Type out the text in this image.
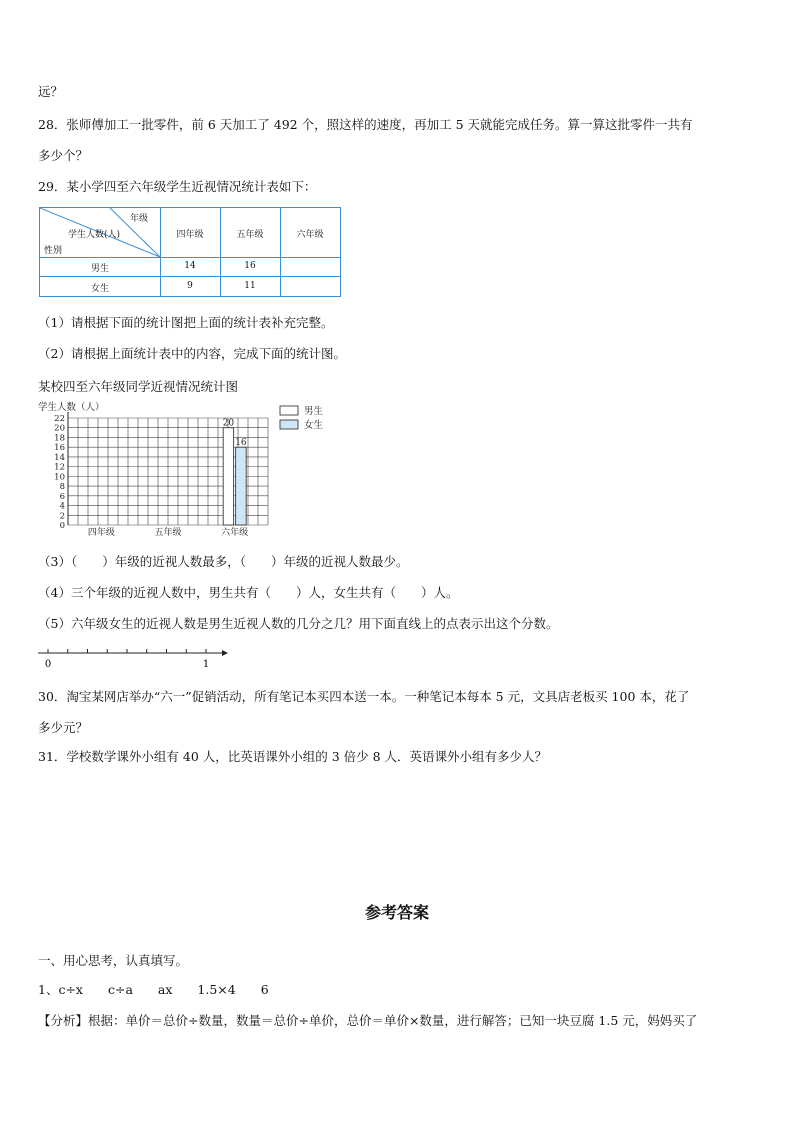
远？
28．张师傅加工一批零件，前 6 天加工了 492 个，照这样的速度，再加工 5 天就能完成任务。算一算这批零件一共有
多少个？
29．某小学四至六年级学生近视情况统计表如下：
年级
学生人数(人)
性别
四年级	五年级	六年级
男生	14	16
女生	9	11
（1）请根据下面的统计图把上面的统计表补充完整。
（2）请根据上面统计表中的内容，完成下面的统计图。
某校四至六年级同学近视情况统计图
学生人数（人）
0
2
4
6
8
10
12
14
16
18
20
22
四年级	五年级	六年级
20
16
男生
女生
（3）（　　）年级的近视人数最多，（　　）年级的近视人数最少。
（4）三个年级的近视人数中，男生共有（　　）人，女生共有（　　）人。
（5）六年级女生的近视人数是男生近视人数的几分之几？用下面直线上的点表示出这个分数。
0	1
30．淘宝某网店举办“六一”促销活动，所有笔记本买四本送一本。一种笔记本每本 5 元，文具店老板买 100 本，花了
多少元？
31．学校数学课外小组有 40 人，比英语课外小组的 3 倍少 8 人．英语课外小组有多少人？
参考答案
一、用心思考，认真填写。
1、c÷x　　c÷a　　ax　　1.5×4　　6
【分析】根据：单价＝总价÷数量，数量＝总价÷单价，总价＝单价×数量，进行解答；已知一块豆腐 1.5 元，妈妈买了
